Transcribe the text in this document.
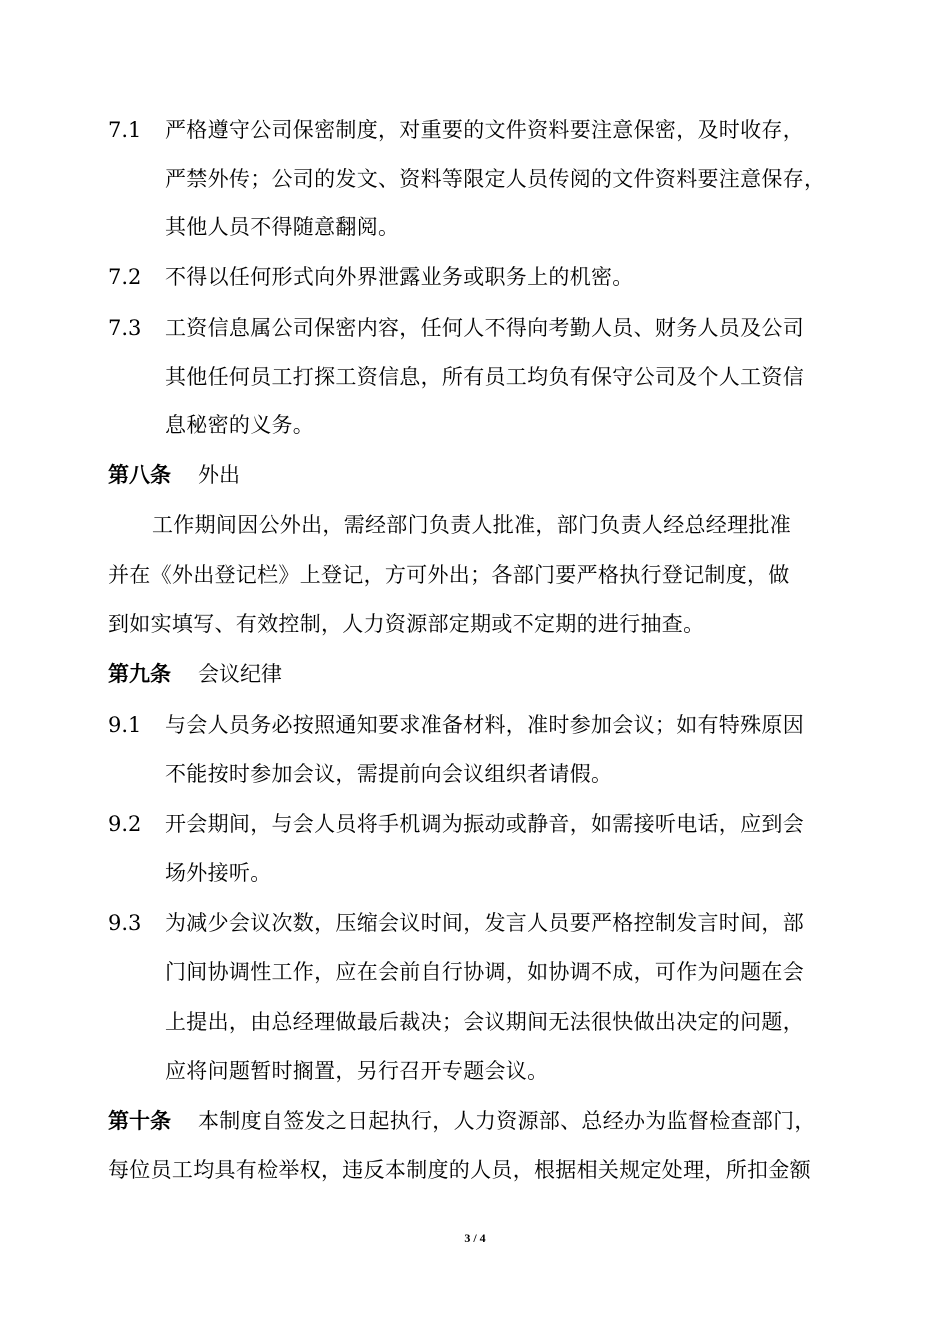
7.1 严格遵守公司保密制度，对重要的文件资料要注意保密，及时收存，
严禁外传；公司的发文、资料等限定人员传阅的文件资料要注意保存，
其他人员不得随意翻阅。
7.2 不得以任何形式向外界泄露业务或职务上的机密。
7.3 工资信息属公司保密内容，任何人不得向考勤人员、财务人员及公司
其他任何员工打探工资信息，所有员工均负有保守公司及个人工资信
息秘密的义务。
第八条 外出
工作期间因公外出，需经部门负责人批准，部门负责人经总经理批准
并在《外出登记栏》上登记，方可外出；各部门要严格执行登记制度，做
到如实填写、有效控制，人力资源部定期或不定期的进行抽查。
第九条 会议纪律
9.1 与会人员务必按照通知要求准备材料，准时参加会议；如有特殊原因
不能按时参加会议，需提前向会议组织者请假。
9.2 开会期间，与会人员将手机调为振动或静音，如需接听电话，应到会
场外接听。
9.3 为减少会议次数，压缩会议时间，发言人员要严格控制发言时间，部
门间协调性工作，应在会前自行协调，如协调不成，可作为问题在会
上提出，由总经理做最后裁决；会议期间无法很快做出决定的问题，
应将问题暂时搁置，另行召开专题会议。
第十条 本制度自签发之日起执行，人力资源部、总经办为监督检查部门，
每位员工均具有检举权，违反本制度的人员，根据相关规定处理，所扣金额
3 / 4
